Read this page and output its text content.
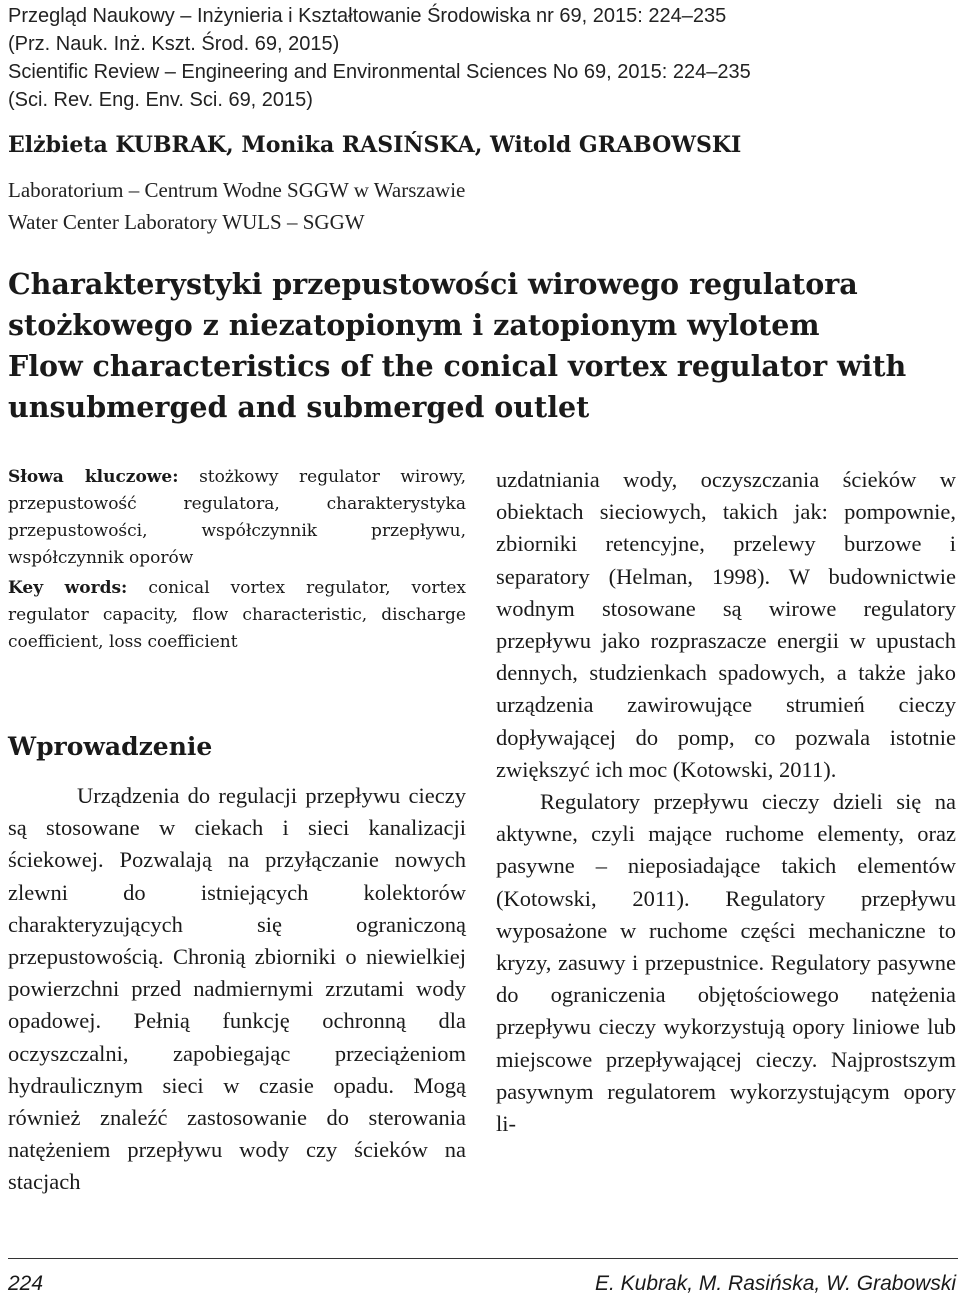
Przegląd Naukowy – Inżynieria i Kształtowanie Środowiska nr 69, 2015: 224–235
(Prz. Nauk. Inż. Kszt. Środ. 69, 2015)
Scientific Review – Engineering and Environmental Sciences No 69, 2015: 224–235
(Sci. Rev. Eng. Env. Sci. 69, 2015)
Elżbieta KUBRAK, Monika RASIŃSKA, Witold GRABOWSKI
Laboratorium – Centrum Wodne SGGW w Warszawie
Water Center Laboratory WULS – SGGW
Charakterystyki przepustowości wirowego regulatora
stożkowego z niezatopionym i zatopionym wylotem
Flow characteristics of the conical vortex regulator with
unsubmerged and submerged outlet

Słowa kluczowe: stożkowy regulator wirowy, przepustowość regulatora, charakterystyka przepustowości, współczynnik przepływu, współczynnik oporów

Key words: conical vortex regulator, vortex regulator capacity, flow characteristic, discharge coefficient, loss coefficient

Wprowadzenie

Urządzenia do regulacji przepływu cieczy są stosowane w ciekach i sieci kanalizacji ściekowej. Pozwalają na przyłączanie nowych zlewni do istniejących kolektorów charakteryzujących się ograniczoną przepustowością. Chronią zbiorniki o niewielkiej powierzchni przed nadmiernymi zrzutami wody opadowej. Pełnią funkcję ochronną dla oczyszczalni, zapobiegając przeciążeniom hydraulicznym sieci w czasie opadu. Mogą również znaleźć zastosowanie do sterowania natężeniem przepływu wody czy ścieków na stacjach

uzdatniania wody, oczyszczania ścieków w obiektach sieciowych, takich jak: pompownie, zbiorniki retencyjne, przelewy burzowe i separatory (Helman, 1998). W budownictwie wodnym stosowane są wirowe regulatory przepływu jako rozpraszacze energii w upustach dennych, studzienkach spadowych, a także jako urządzenia zawirowujące strumień cieczy dopływającej do pomp, co pozwala istotnie zwiększyć ich moc (Kotowski, 2011).

Regulatory przepływu cieczy dzieli się na aktywne, czyli mające ruchome elementy, oraz pasywne – nieposiadające takich elementów (Kotowski, 2011). Regulatory przepływu wyposażone w ruchome części mechaniczne to kryzy, zasuwy i przepustnice. Regulatory pasywne do ograniczenia objętościowego natężenia przepływu cieczy wykorzystują opory liniowe lub miejscowe przepływającej cieczy. Najprostszym pasywnym regulatorem wykorzystującym opory li-

224	E. Kubrak, M. Rasińska, W. Grabowski
